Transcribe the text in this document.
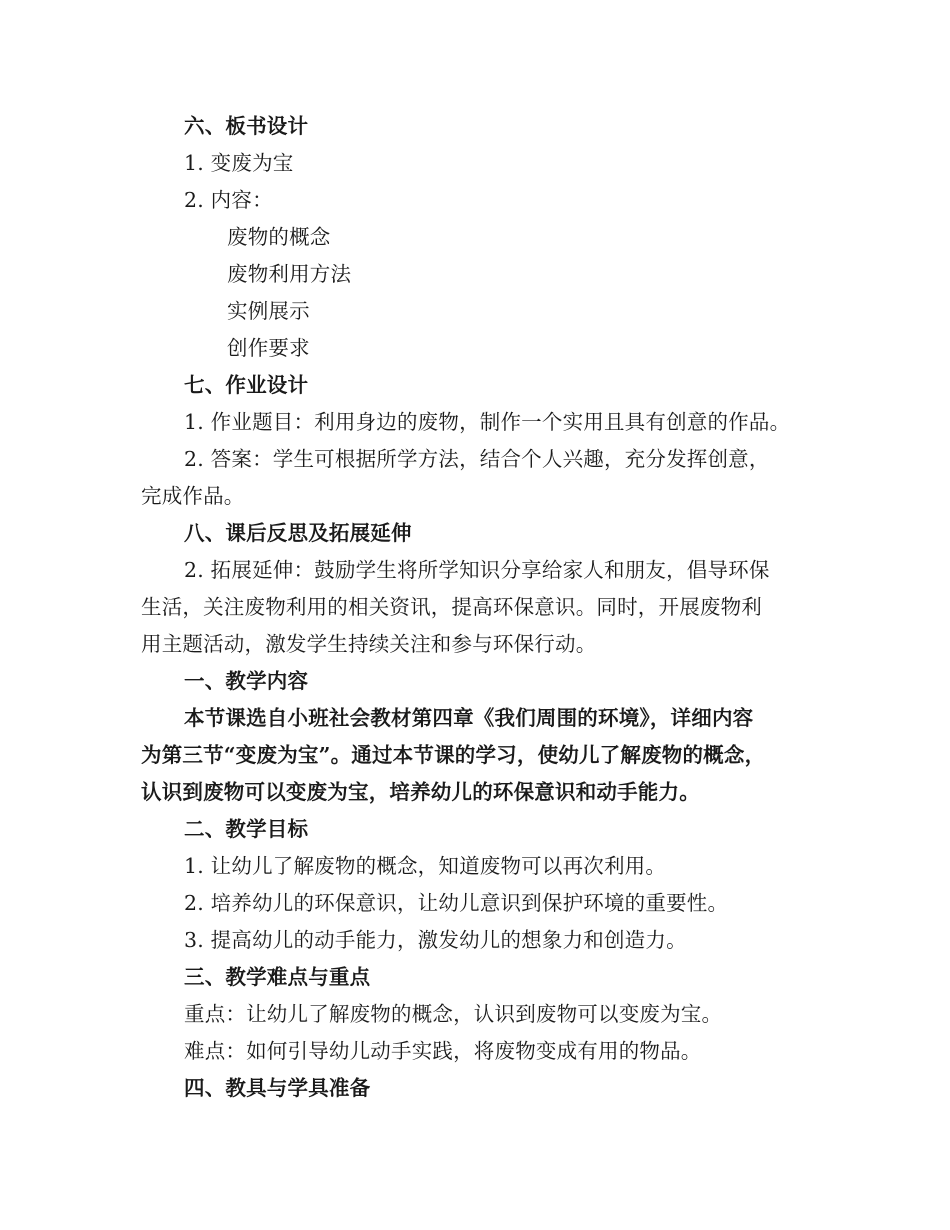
六、板书设计
1. 变废为宝
2. 内容：
废物的概念
废物利用方法
实例展示
创作要求
七、作业设计
1. 作业题目：利用身边的废物，制作一个实用且具有创意的作品。
2. 答案：学生可根据所学方法，结合个人兴趣，充分发挥创意，
完成作品。
八、课后反思及拓展延伸
2. 拓展延伸：鼓励学生将所学知识分享给家人和朋友，倡导环保
生活，关注废物利用的相关资讯，提高环保意识。同时，开展废物利
用主题活动，激发学生持续关注和参与环保行动。
一、教学内容
本节课选自小班社会教材第四章《我们周围的环境》，详细内容
为第三节“变废为宝”。通过本节课的学习，使幼儿了解废物的概念，
认识到废物可以变废为宝，培养幼儿的环保意识和动手能力。
二、教学目标
1. 让幼儿了解废物的概念，知道废物可以再次利用。
2. 培养幼儿的环保意识，让幼儿意识到保护环境的重要性。
3. 提高幼儿的动手能力，激发幼儿的想象力和创造力。
三、教学难点与重点
重点：让幼儿了解废物的概念，认识到废物可以变废为宝。
难点：如何引导幼儿动手实践，将废物变成有用的物品。
四、教具与学具准备
